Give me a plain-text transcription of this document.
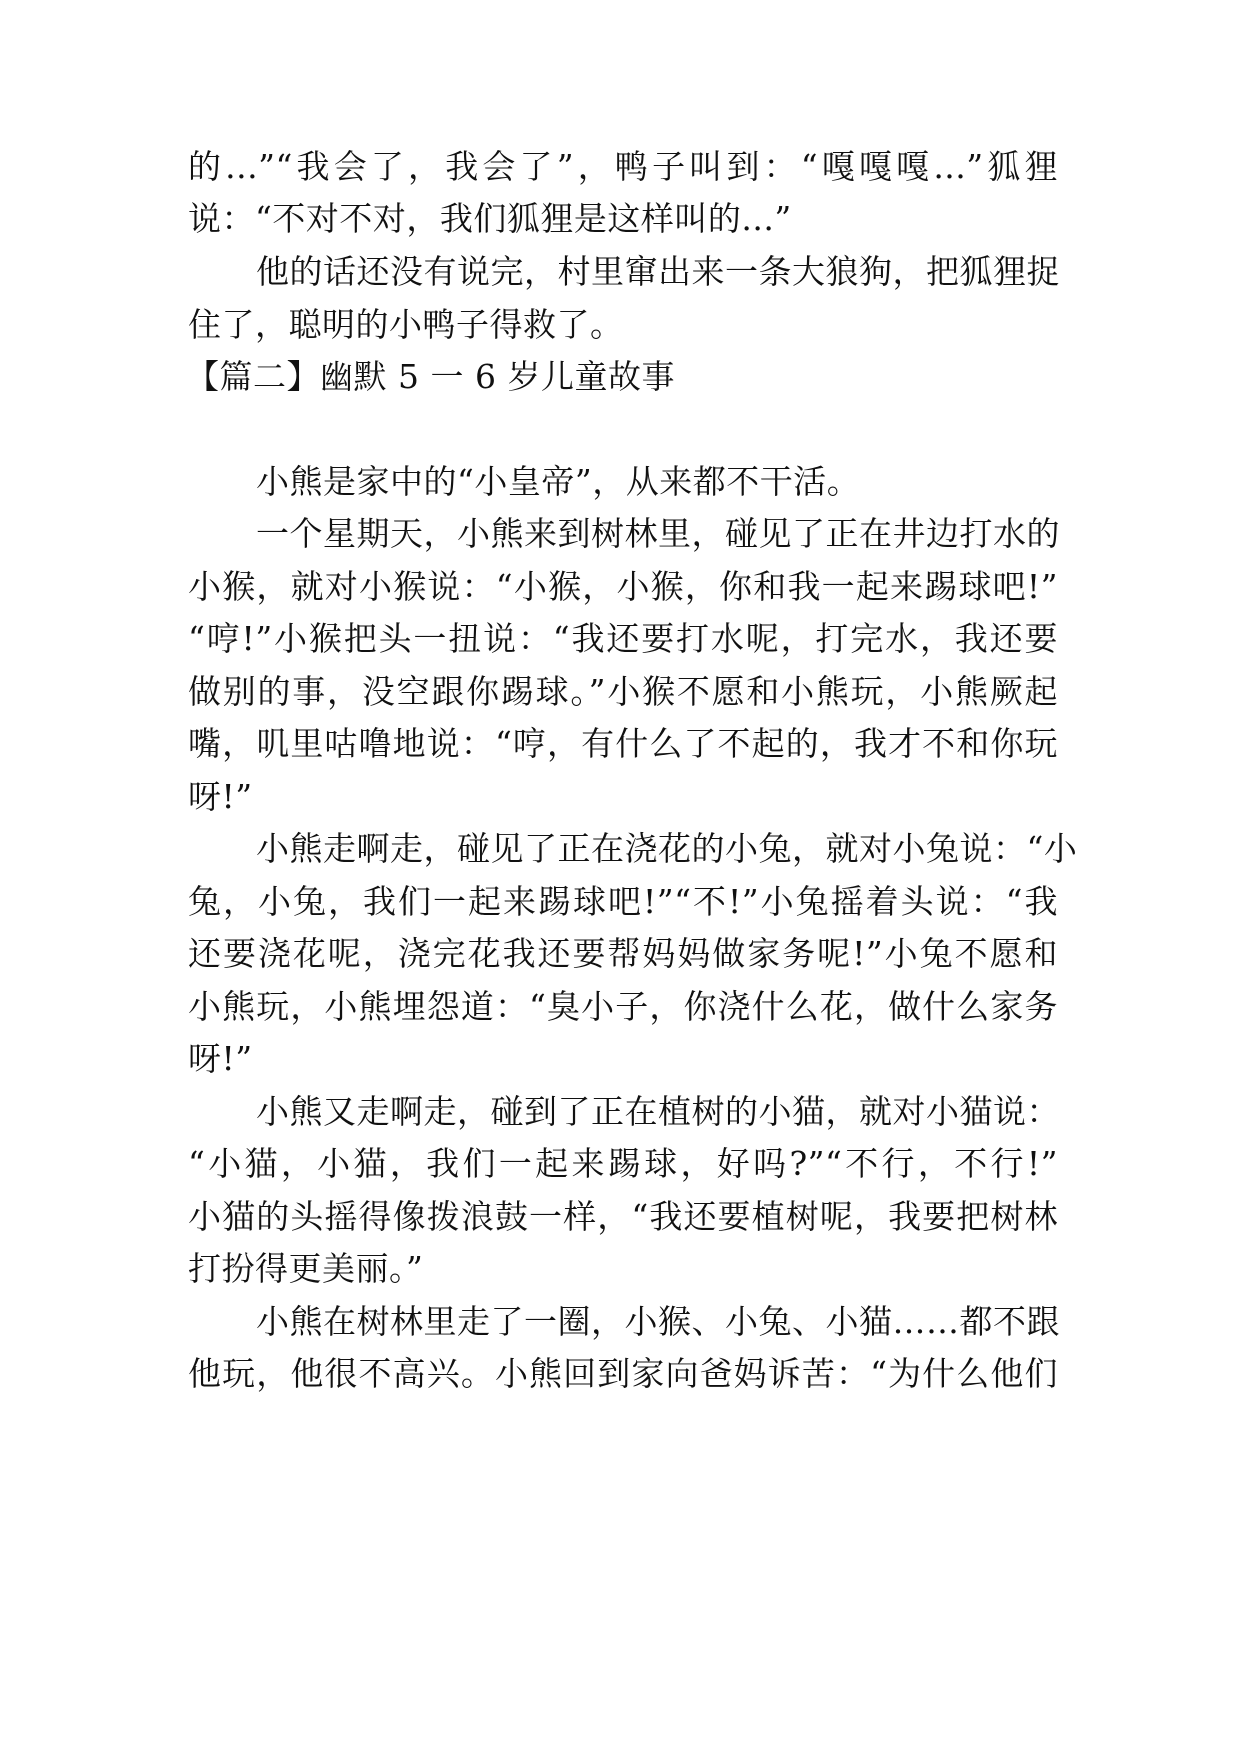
的...”“我会了，我会了”，鸭子叫到：“嘎嘎嘎...”狐狸
说：“不对不对，我们狐狸是这样叫的...”
他的话还没有说完，村里窜出来一条大狼狗，把狐狸捉
住了，聪明的小鸭子得救了。
【篇二】幽默 5 一 6 岁儿童故事
小熊是家中的“小皇帝”，从来都不干活。
一个星期天，小熊来到树林里，碰见了正在井边打水的
小猴，就对小猴说：“小猴，小猴，你和我一起来踢球吧!”
“哼!”小猴把头一扭说：“我还要打水呢，打完水，我还要
做别的事，没空跟你踢球。”小猴不愿和小熊玩，小熊厥起
嘴，叽里咕噜地说：“哼，有什么了不起的，我才不和你玩
呀!”
小熊走啊走，碰见了正在浇花的小兔，就对小兔说：“小
兔，小兔，我们一起来踢球吧!”“不!”小兔摇着头说：“我
还要浇花呢，浇完花我还要帮妈妈做家务呢!”小兔不愿和
小熊玩，小熊埋怨道：“臭小子，你浇什么花，做什么家务
呀!”
小熊又走啊走，碰到了正在植树的小猫，就对小猫说：
“小猫，小猫，我们一起来踢球，好吗?”“不行，不行!”
小猫的头摇得像拨浪鼓一样，“我还要植树呢，我要把树林
打扮得更美丽。”
小熊在树林里走了一圈，小猴、小兔、小猫……都不跟
他玩，他很不高兴。小熊回到家向爸妈诉苦：“为什么他们
